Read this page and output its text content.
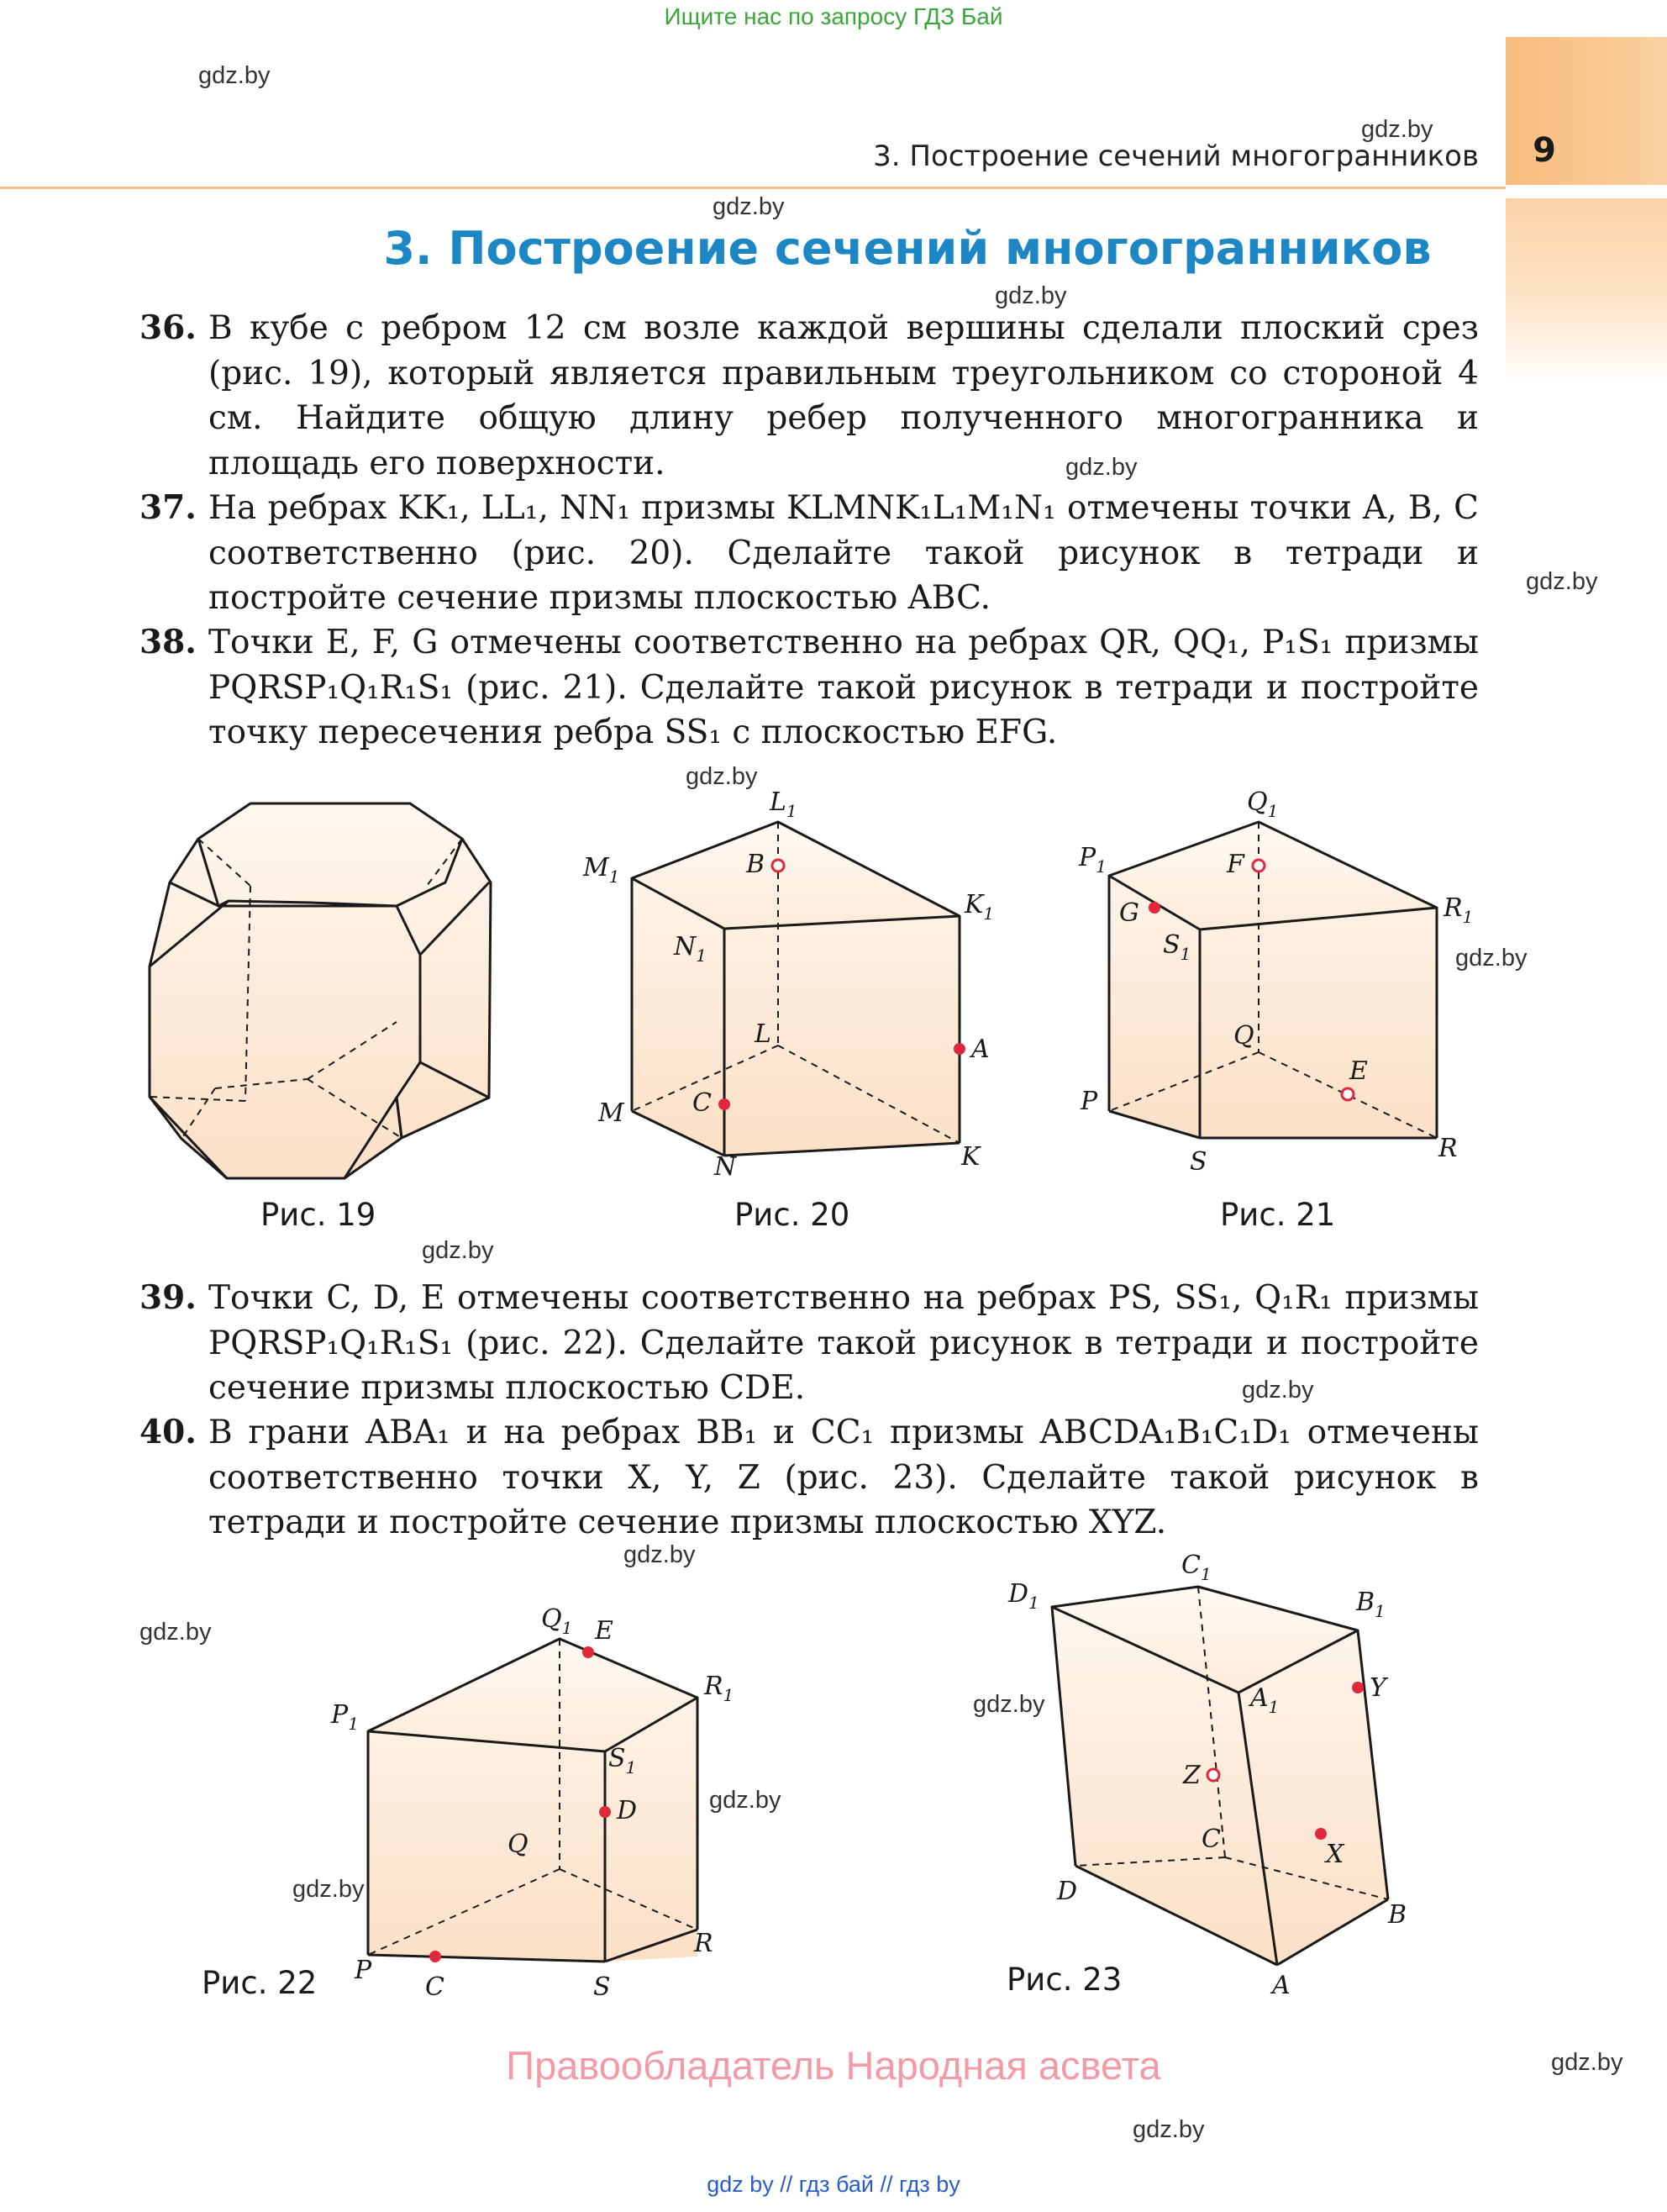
Ищите нас по запросу ГДЗ Бай
9
3. Построение сечений многогранников
3. Построение сечений многогранников
gdz.by
gdz.by
gdz.by
gdz.by
gdz.by
gdz.by
gdz.by
gdz.by
gdz.by
gdz.by
gdz.by
gdz.by
gdz.by
gdz.by
gdz.by
gdz.by
gdz.by
36. В кубе с ребром 12 см возле каждой вершины сделали плоский срез (рис. 19), который является правильным треугольником со стороной 4 см. Найдите общую длину ребер полученного многогранника и площадь его поверхности.
37. На ребрах KK₁, LL₁, NN₁ призмы KLMNK₁L₁M₁N₁ отмечены точки A, B, C соответственно (рис. 20). Сделайте такой рисунок в тетради и постройте сечение призмы плоскостью ABC.
38. Точки E, F, G отмечены соответственно на ребрах QR, QQ₁, P₁S₁ призмы PQRSP₁Q₁R₁S₁ (рис. 21). Сделайте такой рисунок в тетради и постройте точку пересечения ребра SS₁ с плоскостью EFG.
39. Точки C, D, E отмечены соответственно на ребрах PS, SS₁, Q₁R₁ призмы PQRSP₁Q₁R₁S₁ (рис. 22). Сделайте такой рисунок в тетради и постройте сечение призмы плоскостью CDE.
40. В грани ABA₁ и на ребрах BB₁ и CC₁ призмы ABCDA₁B₁C₁D₁ отмечены соответственно точки X, Y, Z (рис. 23). Сделайте такой рисунок в тетради и постройте сечение призмы плоскостью XYZ.
Рис. 19
$L_1$
$M_1$
$N_1$
$K_1$
B
A
C
L
M
N	K
Рис. 20
$Q_1$
$P_1$	F
$R_1$
G
$S_1$
Q
E
P
S	R
Рис. 21
$Q_1$ E
$P_1$
$R_1$
$S_1$
D
Q
R
P
C	S
Рис. 22
$C_1$
$D_1$	$B_1$
Y
$A_1$
Z
X
C
D
B
A
Рис. 23
Правообладатель Народная асвета
gdz by // гдз бай // гдз by
